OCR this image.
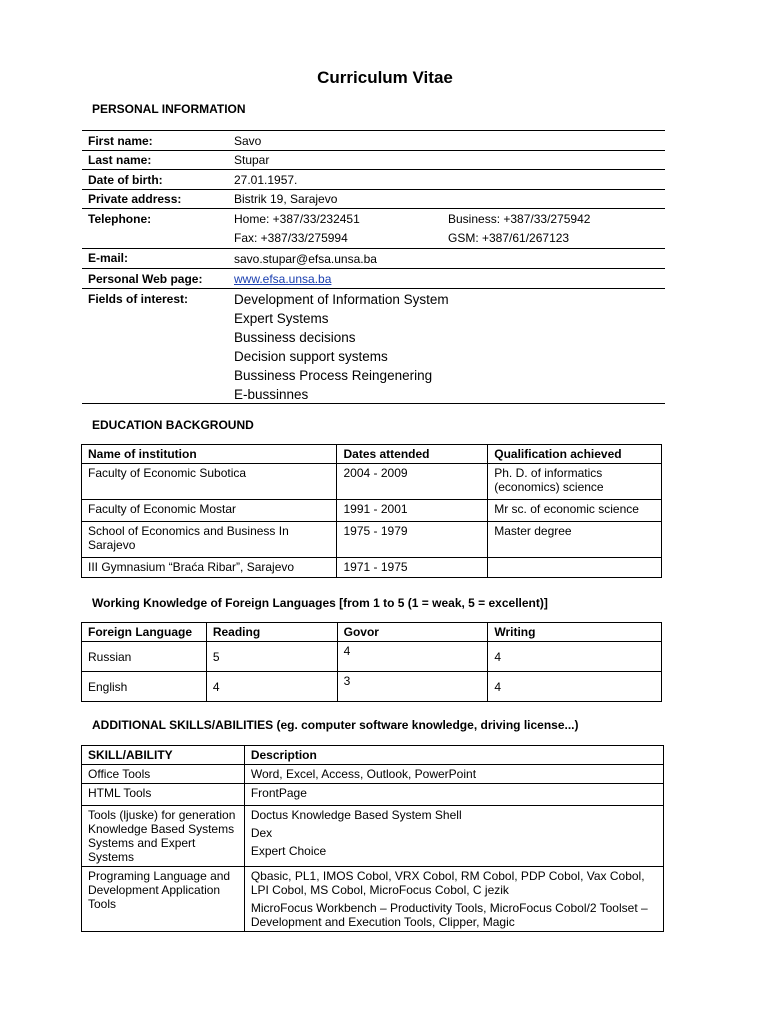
Curriculum Vitae
PERSONAL INFORMATION
First name:	Savo
Last name:	Stupar
Date of birth:	27.01.1957.
Private address:	Bistrik 19, Sarajevo
Telephone:	Home: +387/33/232451	Business: +387/33/275942
Fax: +387/33/275994	GSM: +387/61/267123
E-mail:	savo.stupar@efsa.unsa.ba
Personal Web page:	www.efsa.unsa.ba
Fields of interest:	Development of Information System
Expert Systems
Bussiness decisions
Decision support systems
Bussiness Process Reingenering
E-bussinnes
EDUCATION BACKGROUND
Name of institution	Dates attended	Qualification achieved
Faculty of Economic Subotica	2004 - 2009	Ph. D. of informatics (economics) science
Faculty of Economic Mostar	1991 - 2001	Mr sc. of economic science
School of Economics and Business In Sarajevo	1975 - 1979	Master degree
III Gymnasium “Braća Ribar”, Sarajevo	1971 - 1975	
Working Knowledge of Foreign Languages [from 1 to 5 (1 = weak, 5 = excellent)]
Foreign Language	Reading	Govor	Writing
Russian	5	4	4
English	4	3	4
ADDITIONAL SKILLS/ABILITIES (eg. computer software knowledge, driving license...)
SKILL/ABILITY	Description
Office Tools	Word, Excel, Access, Outlook, PowerPoint
HTML Tools	FrontPage
Tools (ljuske) for generation Knowledge Based Systems Systems and Expert Systems	Doctus Knowledge Based System Shell
Dex
Expert Choice

Programing Language and Development Application Tools	Qbasic, PL1, IMOS Cobol, VRX Cobol, RM Cobol, PDP Cobol, Vax Cobol, LPI Cobol, MS Cobol, MicroFocus Cobol, C jezik
MicroFocus Workbench – Productivity Tools, MicroFocus Cobol/2 Toolset – Development and Execution Tools, Clipper, Magic
